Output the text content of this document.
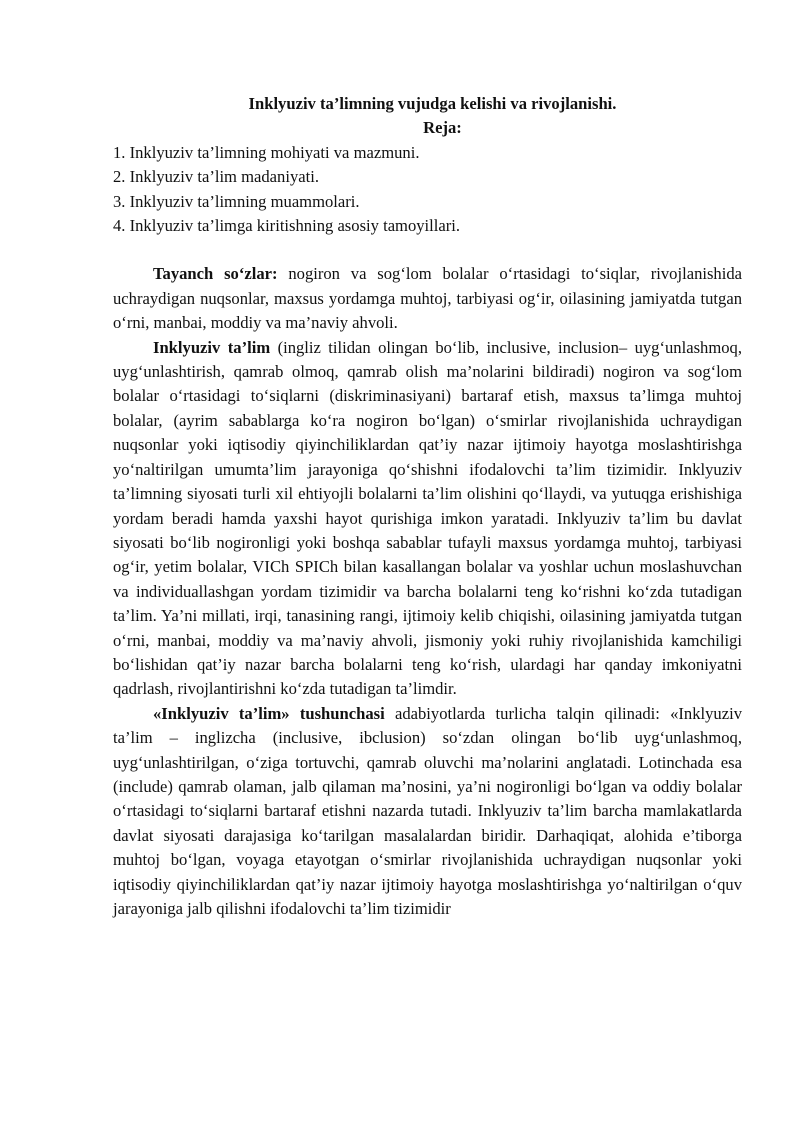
Inklyuziv ta’limning vujudga kelishi va rivojlanishi.

Reja:

1. Inklyuziv ta’limning mohiyati va mazmuni.
2. Inklyuziv ta’lim madaniyati.
3. Inklyuziv ta’limning muammolari.
4. Inklyuziv ta’limga kiritishning asosiy tamoyillari.

Tayanch so‘zlar: nogiron va sog‘lom bolalar o‘rtasidagi to‘siqlar, rivojlanishida uchraydigan nuqsonlar, maxsus yordamga muhtoj, tarbiyasi og‘ir, oilasining jamiyatda tutgan o‘rni, manbai, moddiy va ma’naviy ahvoli.

Inklyuziv ta’lim (ingliz tilidan olingan bo‘lib, inclusive, inclusion– uyg‘unlashmoq, uyg‘unlashtirish, qamrab olmoq, qamrab olish ma’nolarini bildiradi) nogiron va sog‘lom bolalar o‘rtasidagi to‘siqlarni (diskriminasiyani) bartaraf etish, maxsus ta’limga muhtoj bolalar, (ayrim sabablarga ko‘ra nogiron bo‘lgan) o‘smirlar rivojlanishida uchraydigan nuqsonlar yoki iqtisodiy qiyinchiliklardan qat’iy nazar ijtimoiy hayotga moslashtirishga yo‘naltirilgan umumta’lim jarayoniga qo‘shishni ifodalovchi ta’lim tizimidir. Inklyuziv ta’limning siyosati turli xil ehtiyojli bolalarni ta’lim olishini qo‘llaydi, va yutuqga erishishiga yordam beradi hamda yaxshi hayot qurishiga imkon yaratadi. Inklyuziv ta’lim bu davlat siyosati bo‘lib nogironligi yoki boshqa sabablar tufayli maxsus yordamga muhtoj, tarbiyasi og‘ir, yetim bolalar, VICh SPICh bilan kasallangan bolalar va yoshlar uchun moslashuvchan va individuallashgan yordam tizimidir va barcha bolalarni teng ko‘rishni ko‘zda tutadigan ta’lim. Ya’ni millati, irqi, tanasining rangi, ijtimoiy kelib chiqishi, oilasining jamiyatda tutgan o‘rni, manbai, moddiy va ma’naviy ahvoli, jismoniy yoki ruhiy rivojlanishida kamchiligi bo‘lishidan qat’iy nazar barcha bolalarni teng ko‘rish, ulardagi har qanday imkoniyatni qadrlash, rivojlantirishni ko‘zda tutadigan ta’limdir.

«Inklyuziv ta’lim» tushunchasi adabiyotlarda turlicha talqin qilinadi: «Inklyuziv ta’lim – inglizcha (inclusive, ibclusion) so‘zdan olingan bo‘lib uyg‘unlashmoq, uyg‘unlashtirilgan, o‘ziga tortuvchi, qamrab oluvchi ma’nolarini anglatadi. Lotinchada esa (include) qamrab olaman, jalb qilaman ma’nosini, ya’ni nogironligi bo‘lgan va oddiy bolalar o‘rtasidagi to‘siqlarni bartaraf etishni nazarda tutadi. Inklyuziv ta’lim barcha mamlakatlarda davlat siyosati darajasiga ko‘tarilgan masalalardan biridir. Darhaqiqat, alohida e’tiborga muhtoj bo‘lgan, voyaga etayotgan o‘smirlar rivojlanishida uchraydigan nuqsonlar yoki iqtisodiy qiyinchiliklardan qat’iy nazar ijtimoiy hayotga moslashtirishga yo‘naltirilgan o‘quv jarayoniga jalb qilishni ifodalovchi ta’lim tizimidir
